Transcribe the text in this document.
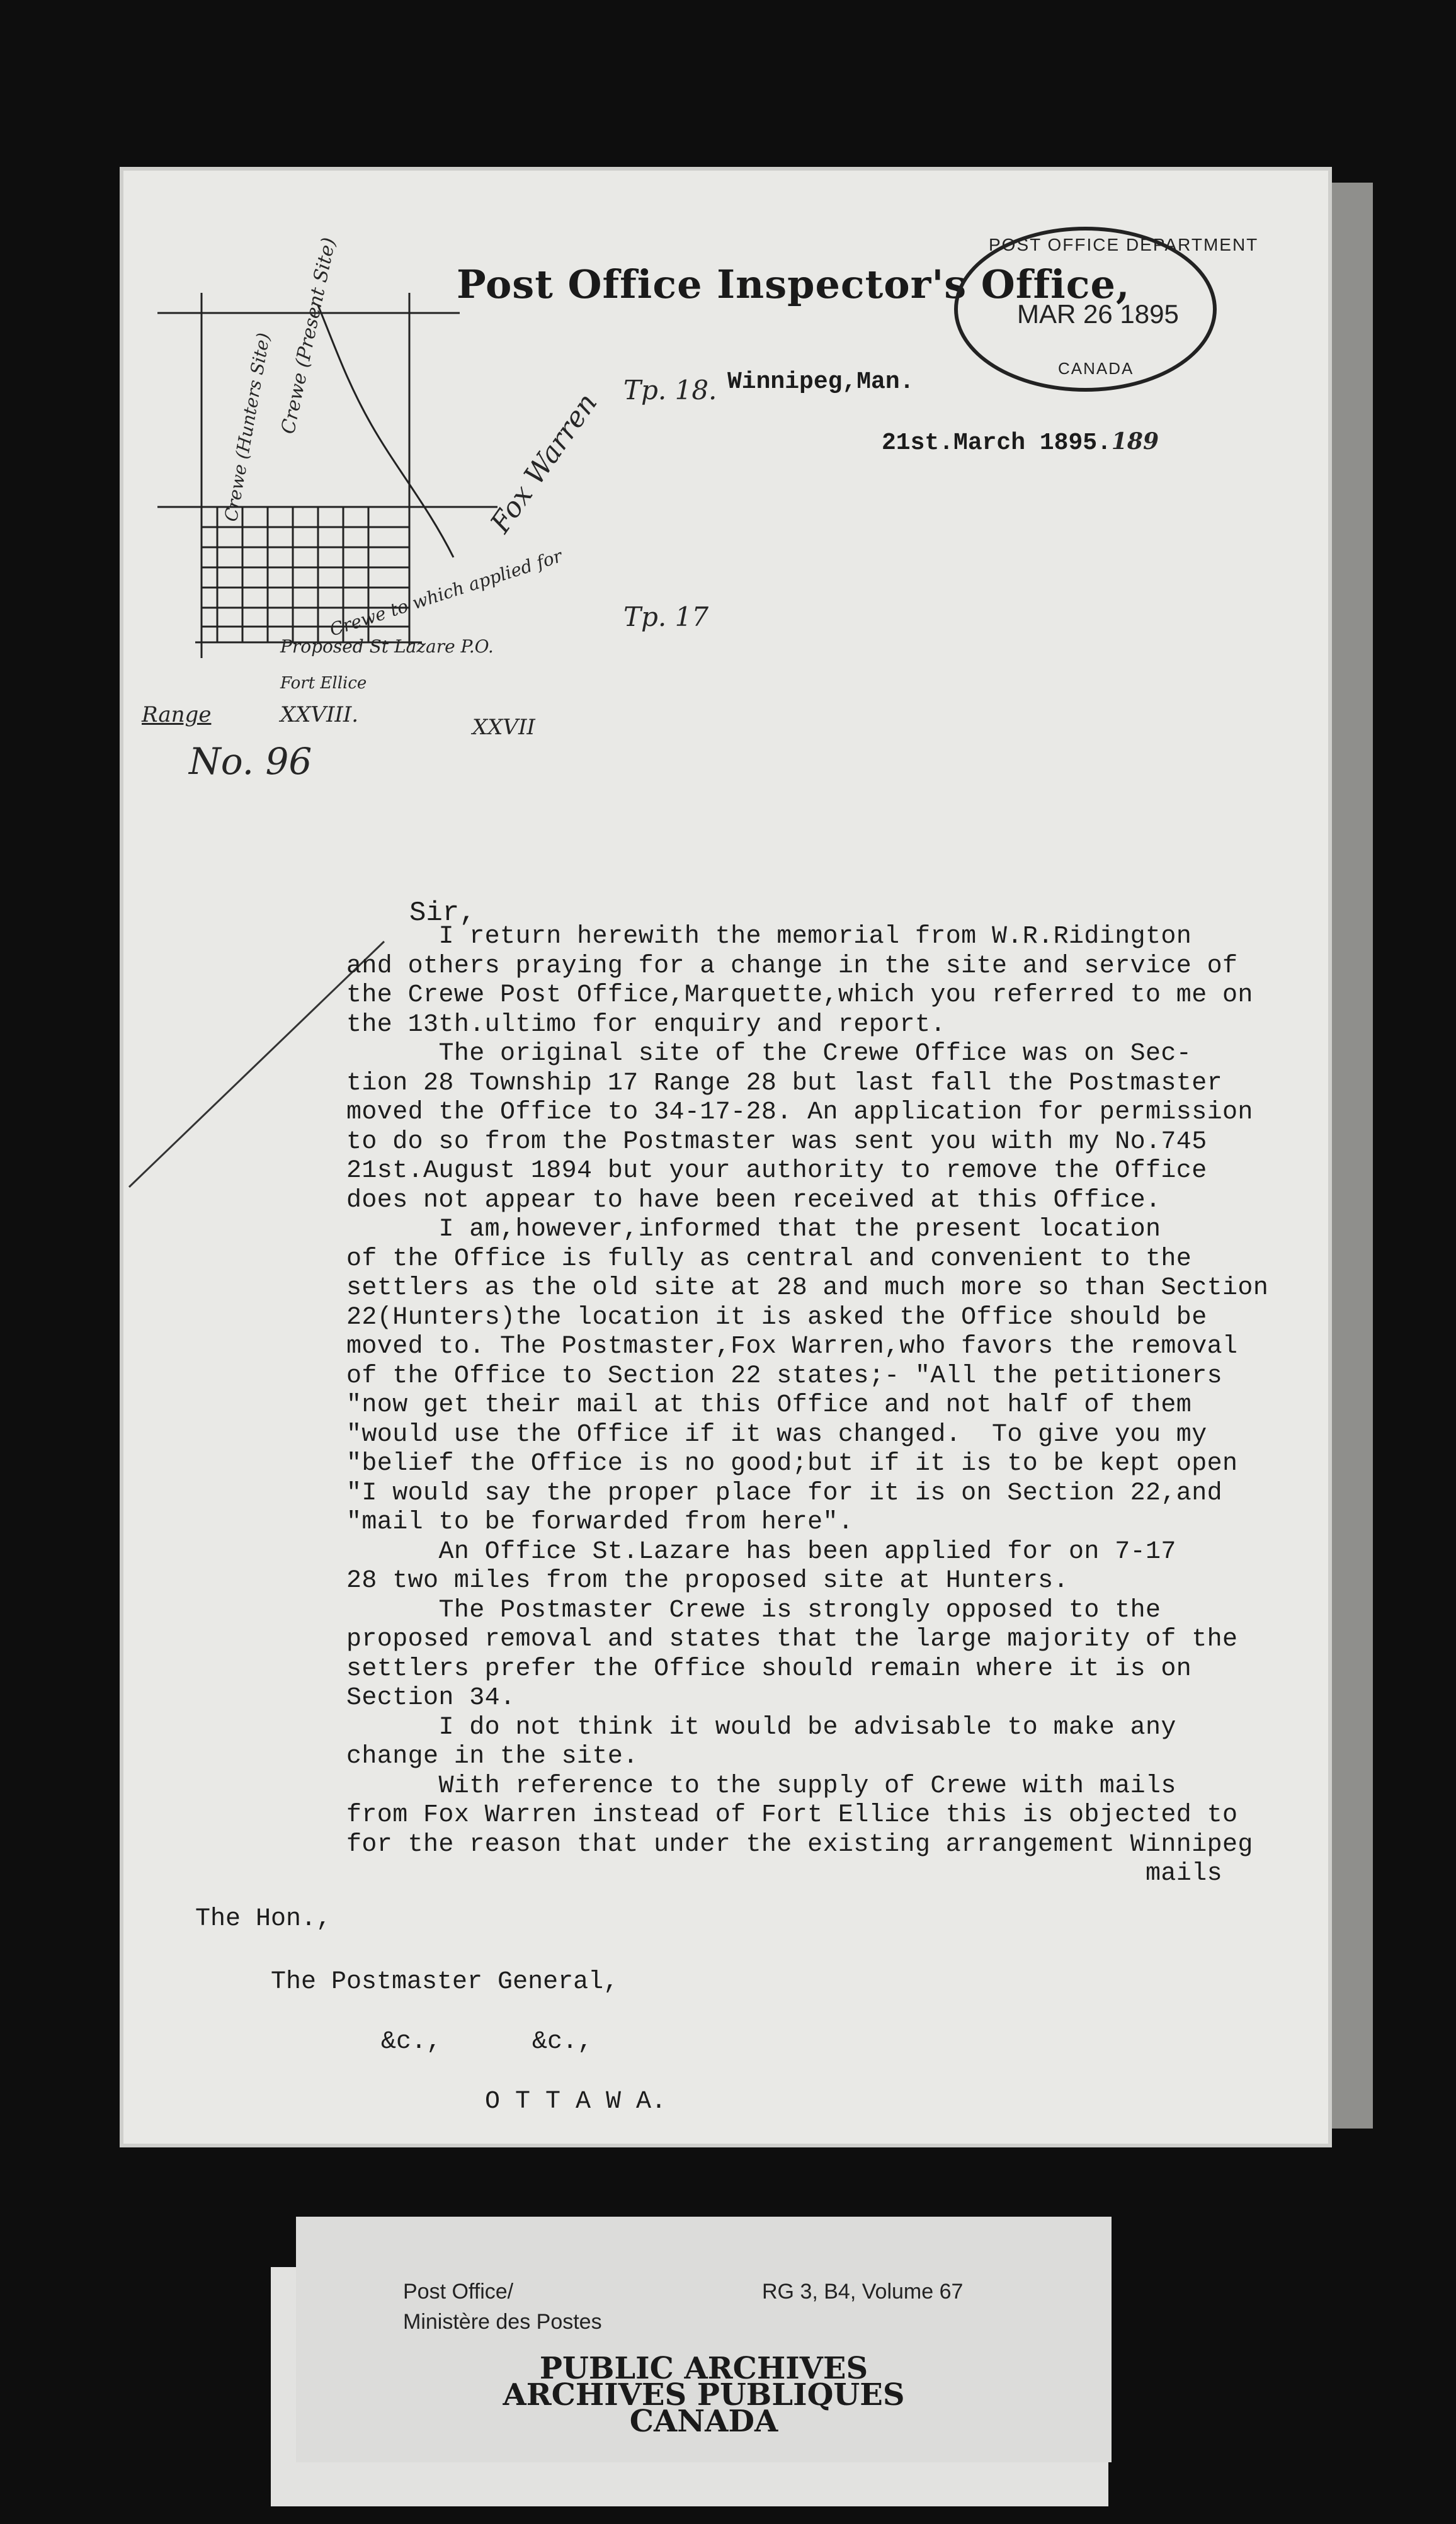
Post Office Inspector's Office,
POST OFFICE DEPARTMENT
MAR 26 1895
CANADA
Winnipeg,Man.
21st.March 1895.189
Fox Warren Tp. 18.
Tp. 17
Crewe (Present Site)
Crewe (Hunters Site)
Crewe to which applied for
Proposed St Lazare P.O.
Fort Ellice
Range	XXVIII.	XXVII
No. 96
Sir,
I return herewith the memorial from W.R.Ridington
and others praying for a change in the site and service of
the Crewe Post Office,Marquette,which you referred to me on
the 13th.ultimo for enquiry and report.
The original site of the Crewe Office was on Sec-
tion 28 Township 17 Range 28 but last fall the Postmaster
moved the Office to 34-17-28. An application for permission
to do so from the Postmaster was sent you with my No.745
21st.August 1894 but your authority to remove the Office
does not appear to have been received at this Office.
I am,however,informed that the present location
of the Office is fully as central and convenient to the
settlers as the old site at 28 and much more so than Section
22(Hunters)the location it is asked the Office should be
moved to. The Postmaster,Fox Warren,who favors the removal
of the Office to Section 22 states;- "All the petitioners
"now get their mail at this Office and not half of them
"would use the Office if it was changed.  To give you my
"belief the Office is no good;but if it is to be kept open
"I would say the proper place for it is on Section 22,and
"mail to be forwarded from here".
An Office St.Lazare has been applied for on 7-17
28 two miles from the proposed site at Hunters.
The Postmaster Crewe is strongly opposed to the
proposed removal and states that the large majority of the
settlers prefer the Office should remain where it is on
Section 34.
I do not think it would be advisable to make any
change in the site.
With reference to the supply of Crewe with mails
from Fox Warren instead of Fort Ellice this is objected to
for the reason that under the existing arrangement Winnipeg
mails
The Hon.,
The Postmaster General,
&c.,      &c.,
O T T A W A.
Post Office/
Ministère des Postes
RG 3, B4, Volume 67
PUBLIC ARCHIVES
ARCHIVES PUBLIQUES
CANADA
